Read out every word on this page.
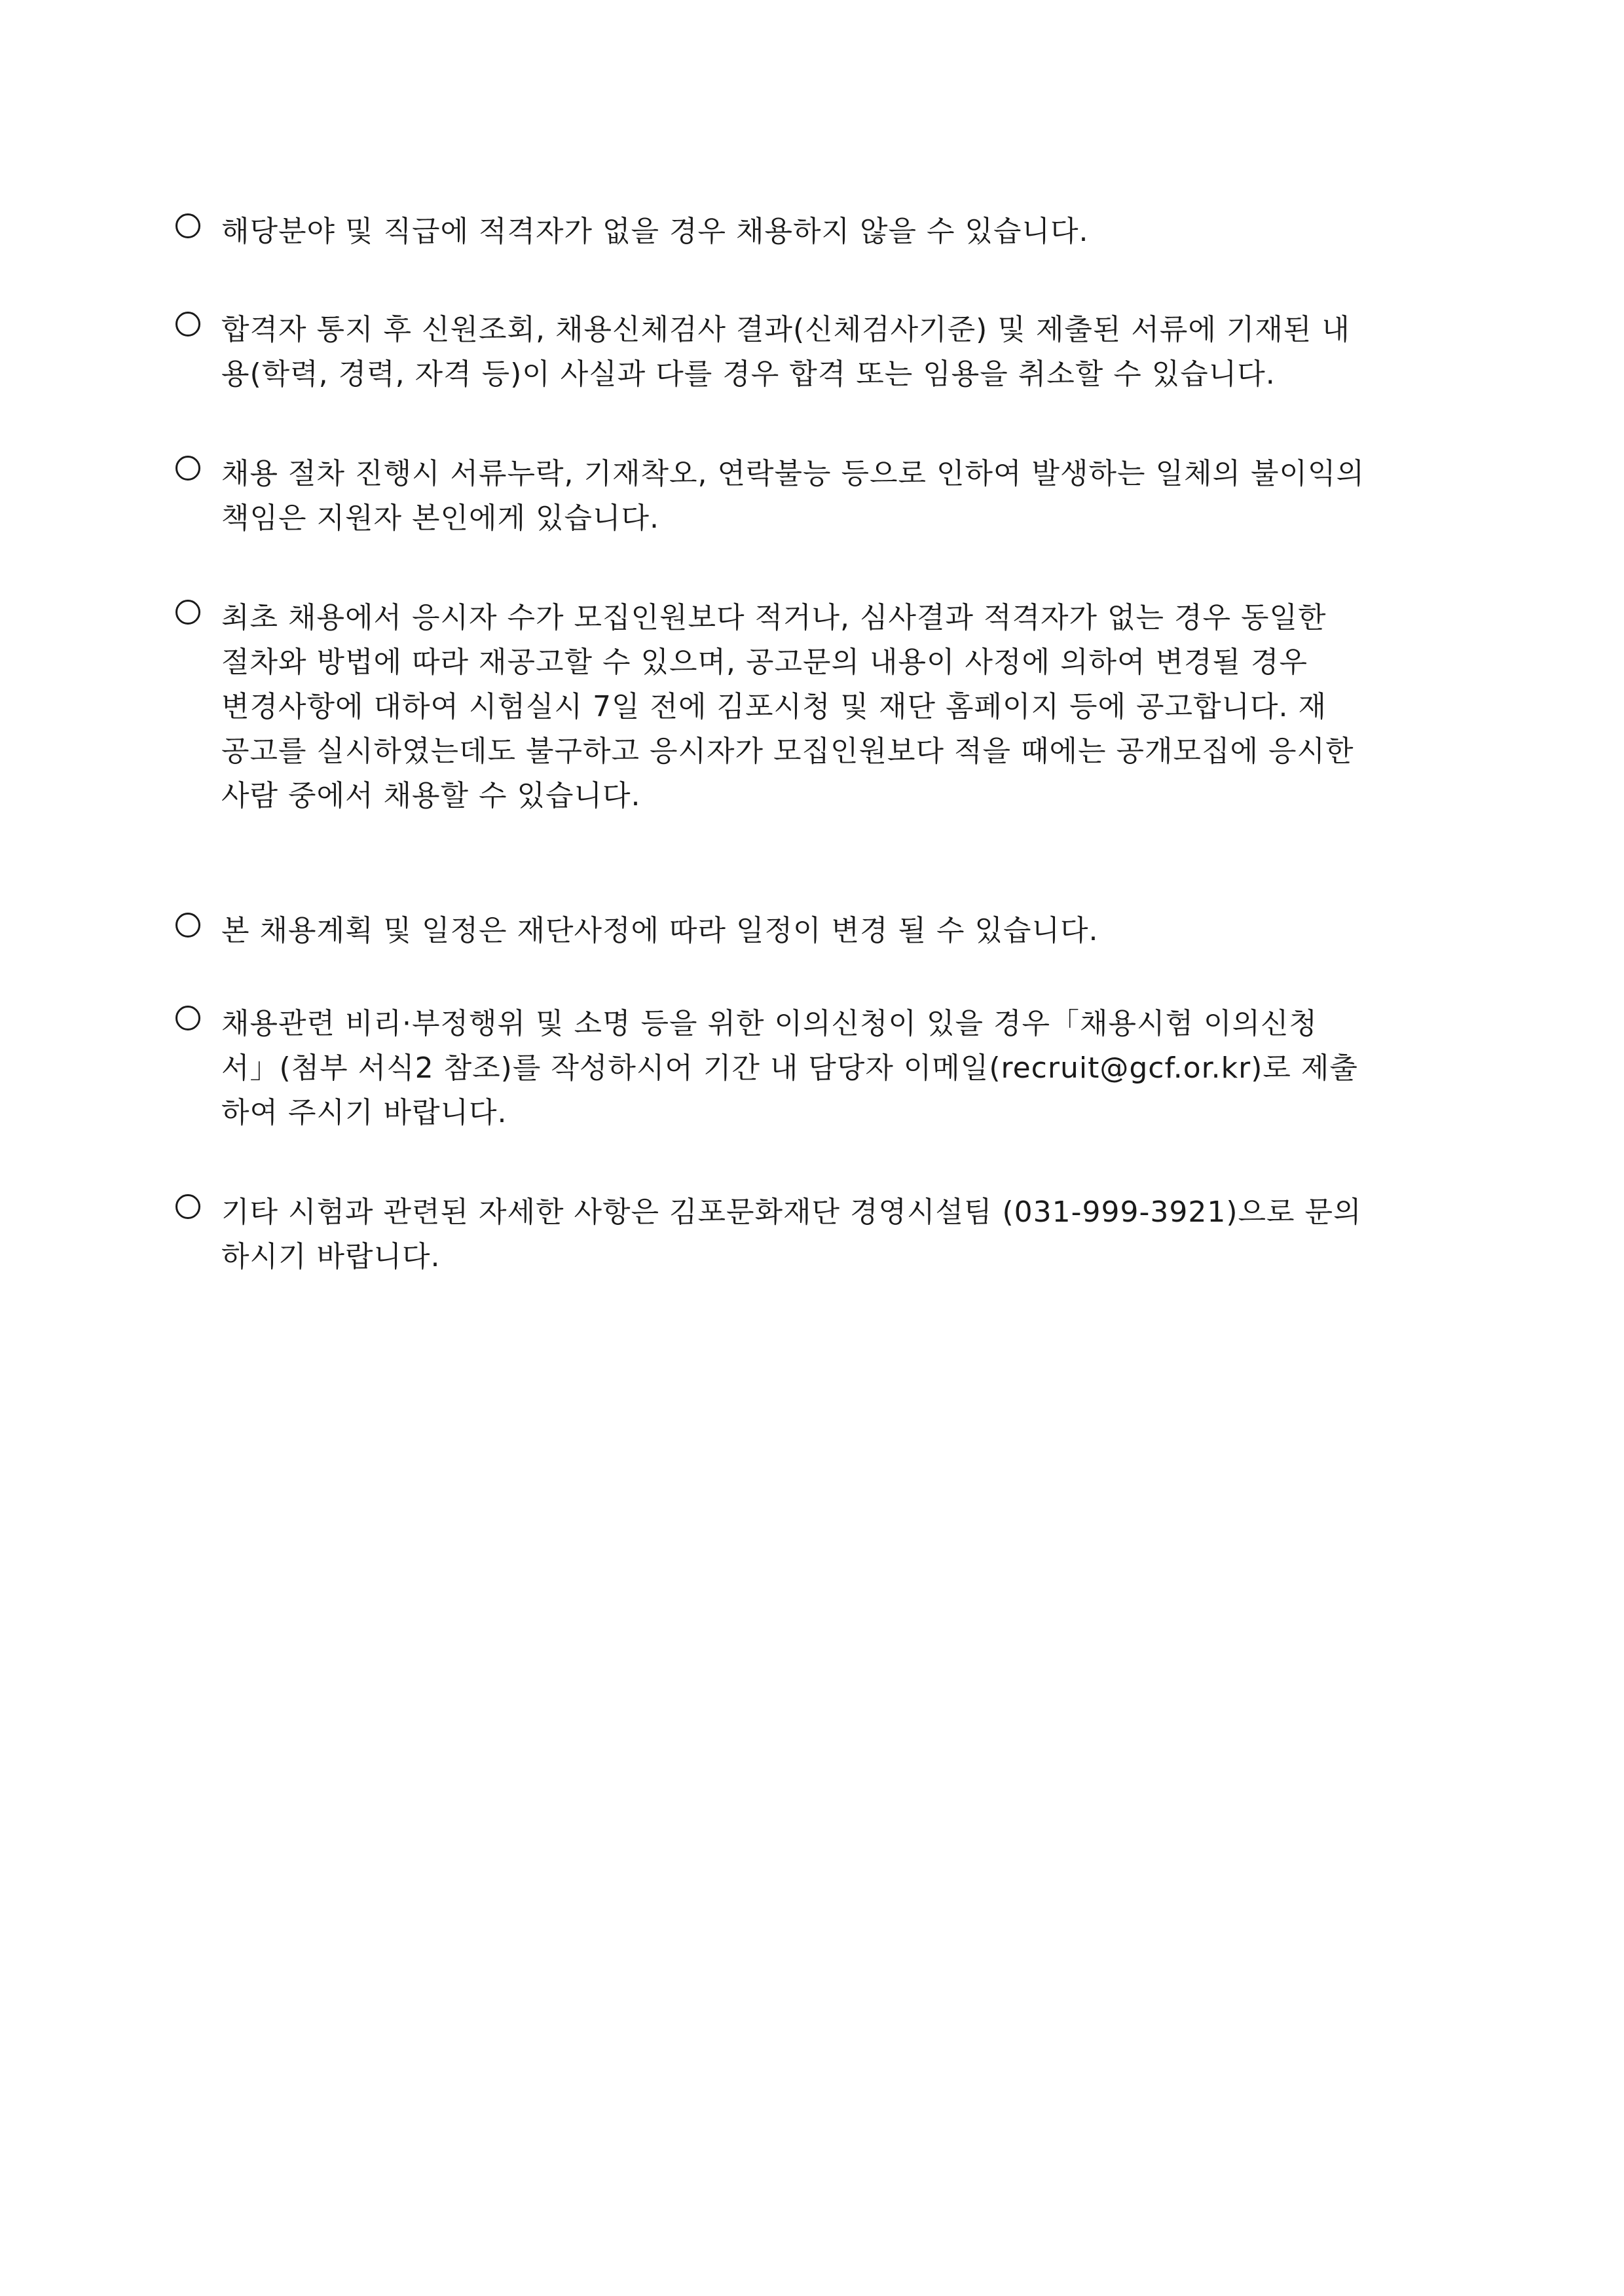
해당분야 및 직급에 적격자가 없을 경우 채용하지 않을 수 있습니다.
합격자 통지 후 신원조회, 채용신체검사 결과(신체검사기준) 및 제출된 서류에 기재된 내
용(학력, 경력, 자격 등)이 사실과 다를 경우 합격 또는 임용을 취소할 수 있습니다.
채용 절차 진행시 서류누락, 기재착오, 연락불능 등으로 인하여 발생하는 일체의 불이익의
책임은 지원자 본인에게 있습니다.
최초 채용에서 응시자 수가 모집인원보다 적거나, 심사결과 적격자가 없는 경우 동일한
절차와 방법에 따라 재공고할 수 있으며, 공고문의 내용이 사정에 의하여 변경될 경우
변경사항에 대하여 시험실시 7일 전에 김포시청 및 재단 홈페이지 등에 공고합니다. 재
공고를 실시하였는데도 불구하고 응시자가 모집인원보다 적을 때에는 공개모집에 응시한
사람 중에서 채용할 수 있습니다.
본 채용계획 및 일정은 재단사정에 따라 일정이 변경 될 수 있습니다.
채용관련 비리·부정행위 및 소명 등을 위한 이의신청이 있을 경우「채용시험 이의신청
서」(첨부 서식2 참조)를 작성하시어 기간 내 담당자 이메일(recruit@gcf.or.kr)로 제출
하여 주시기 바랍니다.
기타 시험과 관련된 자세한 사항은 김포문화재단 경영시설팀 (031-999-3921)으로 문의
하시기 바랍니다.
